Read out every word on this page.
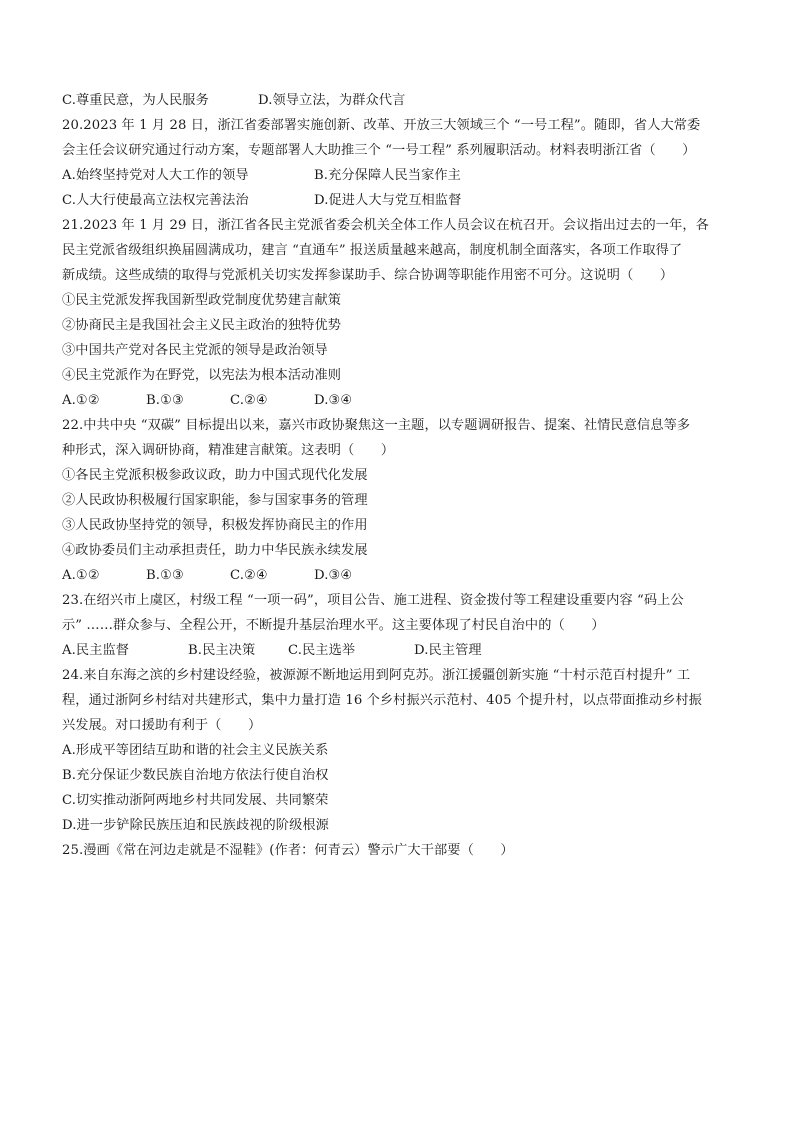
C.尊重民意，为人民服务	D.领导立法，为群众代言
20.2023 年 1 月 28 日，浙江省委部署实施创新、改革、开放三大领域三个 “一号工程”。随即，省人大常委
会主任会议研究通过行动方案，专题部署人大助推三个 “一号工程” 系列履职活动。材料表明浙江省（　　）
A.始终坚持党对人大工作的领导	B.充分保障人民当家作主
C.人大行使最高立法权完善法治	D.促进人大与党互相监督
21.2023 年 1 月 29 日，浙江省各民主党派省委会机关全体工作人员会议在杭召开。会议指出过去的一年，各
民主党派省级组织换届圆满成功，建言 “直通车” 报送质量越来越高，制度机制全面落实，各项工作取得了
新成绩。这些成绩的取得与党派机关切实发挥参谋助手、综合协调等职能作用密不可分。这说明（　　）
①民主党派发挥我国新型政党制度优势建言献策
②协商民主是我国社会主义民主政治的独特优势
③中国共产党对各民主党派的领导是政治领导
④民主党派作为在野党，以宪法为根本活动准则
A.①②	B.①③	C.②④	D.③④
22.中共中央 “双碳” 目标提出以来，嘉兴市政协聚焦这一主题，以专题调研报告、提案、社情民意信息等多
种形式，深入调研协商，精准建言献策。这表明（　　）
①各民主党派积极参政议政，助力中国式现代化发展
②人民政协积极履行国家职能，参与国家事务的管理
③人民政协坚持党的领导，积极发挥协商民主的作用
④政协委员们主动承担责任，助力中华民族永续发展
A.①②	B.①③	C.②④	D.③④
23.在绍兴市上虞区，村级工程 “一项一码”，项目公告、施工进程、资金拨付等工程建设重要内容 “码上公
示” ……群众参与、全程公开，不断提升基层治理水平。这主要体现了村民自治中的（　　）
A.民主监督	B.民主决策	C.民主选举	D.民主管理
24.来自东海之滨的乡村建设经验，被源源不断地运用到阿克苏。浙江援疆创新实施 “十村示范百村提升” 工
程，通过浙阿乡村结对共建形式，集中力量打造 16 个乡村振兴示范村、405 个提升村，以点带面推动乡村振
兴发展。对口援助有利于（　　）
A.形成平等团结互助和谐的社会主义民族关系
B.充分保证少数民族自治地方依法行使自治权
C.切实推动浙阿两地乡村共同发展、共同繁荣
D.进一步铲除民族压迫和民族歧视的阶级根源
25.漫画《常在河边走就是不湿鞋》(作者：何青云）警示广大干部要（　　）
